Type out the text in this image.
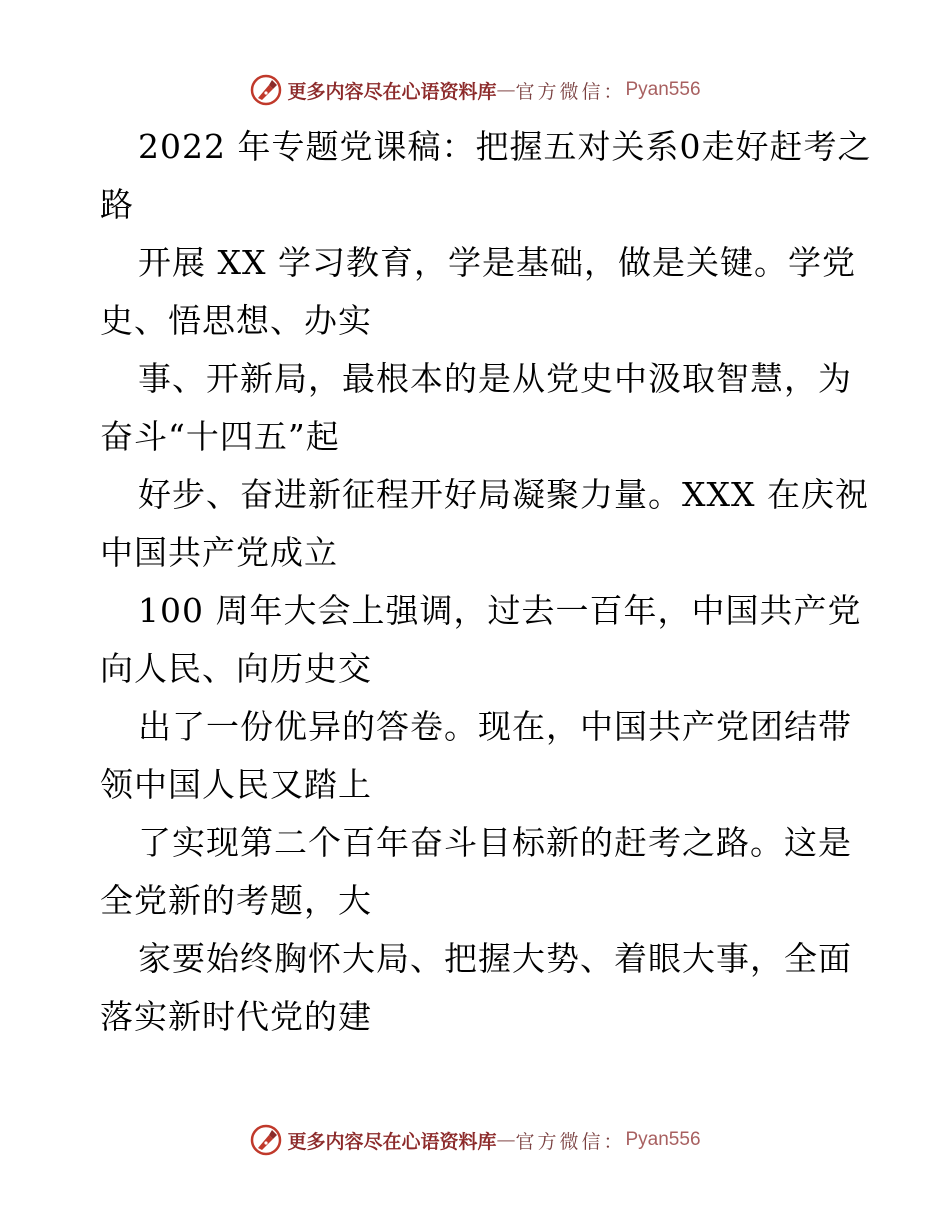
更多内容尽在心语资料库 — 官方微信： Pyan556
2022 年专题党课稿：把握五对关系0走好赶考之
路
开展 XX 学习教育，学是基础，做是关键。学党
史、悟思想、办实
事、开新局，最根本的是从党史中汲取智慧，为
奋斗“十四五”起
好步、奋进新征程开好局凝聚力量。XXX 在庆祝
中国共产党成立
100 周年大会上强调，过去一百年，中国共产党
向人民、向历史交
出了一份优异的答卷。现在，中国共产党团结带
领中国人民又踏上
了实现第二个百年奋斗目标新的赶考之路。这是
全党新的考题，大
家要始终胸怀大局、把握大势、着眼大事，全面
落实新时代党的建
更多内容尽在心语资料库 — 官方微信： Pyan556
